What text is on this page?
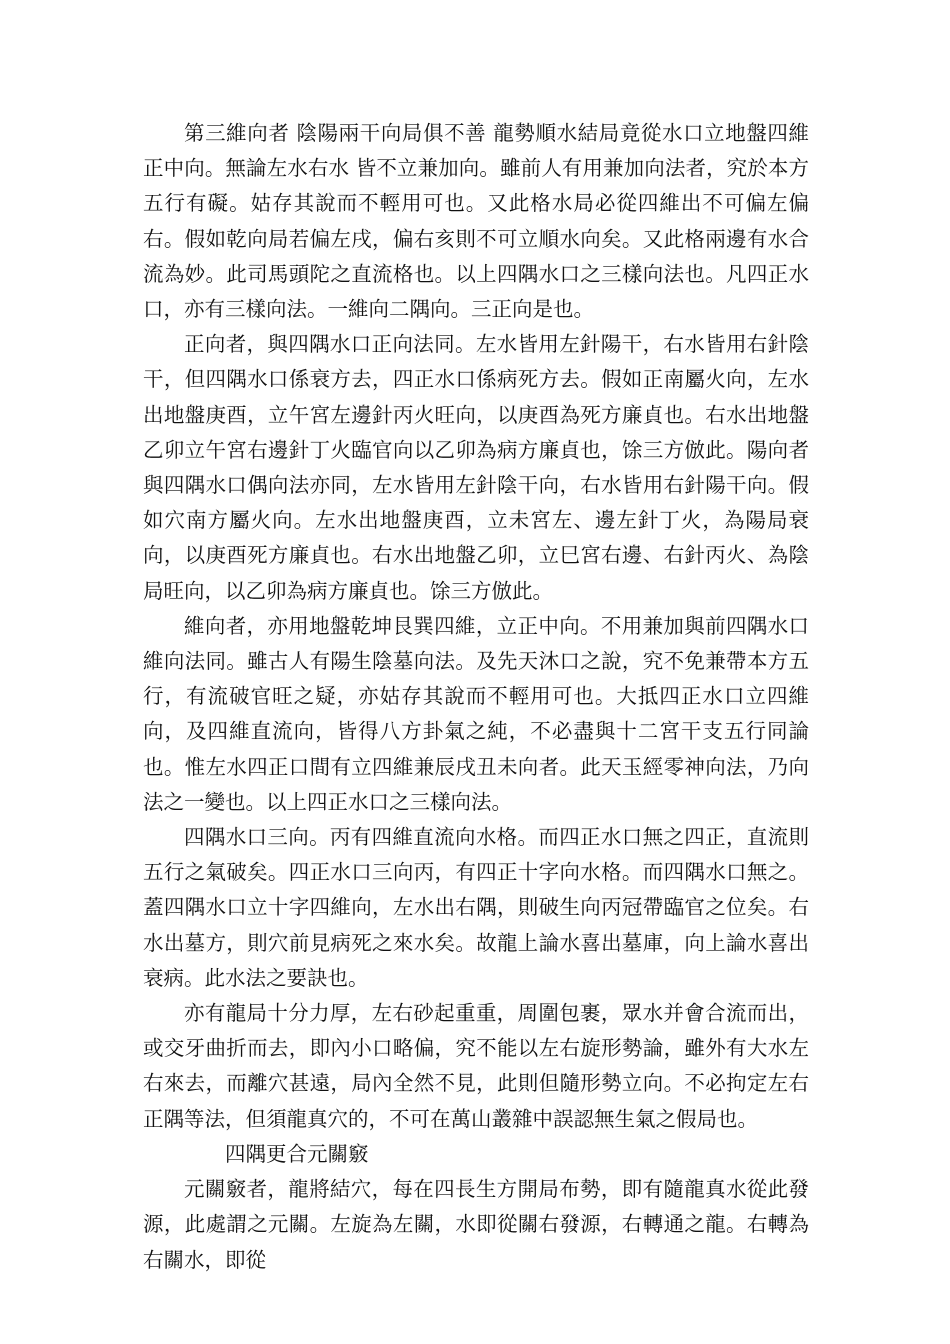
第三維向者 陰陽兩干向局俱不善 龍勢順水結局竟從水口立地盤四維正中向。無論左水右水 皆不立兼加向。雖前人有用兼加向法者，究於本方五行有礙。姑存其說而不輕用可也。又此格水局必從四維出不可偏左偏右。假如乾向局若偏左戌，偏右亥則不可立順水向矣。又此格兩邊有水合流為妙。此司馬頭陀之直流格也。以上四隅水口之三樣向法也。凡四正水口，亦有三樣向法。一維向二隅向。三正向是也。

正向者，與四隅水口正向法同。左水皆用左針陽干，右水皆用右針陰干，但四隅水口係衰方去，四正水口係病死方去。假如正南屬火向，左水出地盤庚酉，立午宮左邊針丙火旺向，以庚酉為死方廉貞也。右水出地盤乙卯立午宮右邊針丁火臨官向以乙卯為病方廉貞也，馀三方倣此。陽向者與四隅水口偶向法亦同，左水皆用左針陰干向，右水皆用右針陽干向。假如穴南方屬火向。左水出地盤庚酉，立未宮左、邊左針丁火，為陽局衰向，以庚酉死方廉貞也。右水出地盤乙卯，立巳宮右邊、右針丙火、為陰局旺向，以乙卯為病方廉貞也。馀三方倣此。

維向者，亦用地盤乾坤艮巽四維，立正中向。不用兼加與前四隅水口維向法同。雖古人有陽生陰墓向法。及先天沐口之說，究不免兼帶本方五行，有流破官旺之疑，亦姑存其說而不輕用可也。大抵四正水口立四維向，及四維直流向，皆得八方卦氣之純，不必盡與十二宮干支五行同論也。惟左水四正口間有立四維兼辰戌丑未向者。此天玉經零神向法，乃向法之一變也。以上四正水口之三樣向法。

四隅水口三向。丙有四維直流向水格。而四正水口無之四正，直流則五行之氣破矣。四正水口三向丙，有四正十字向水格。而四隅水口無之。蓋四隅水口立十字四維向，左水出右隅，則破生向丙冠帶臨官之位矣。右水出墓方，則穴前見病死之來水矣。故龍上論水喜出墓庫，向上論水喜出衰病。此水法之要訣也。

亦有龍局十分力厚，左右砂起重重，周圍包裹，眾水并會合流而出，或交牙曲折而去，即內小口略偏，究不能以左右旋形勢論，雖外有大水左右來去，而離穴甚遠，局內全然不見，此則但隨形勢立向。不必拘定左右正隅等法，但須龍真穴的，不可在萬山叢雜中誤認無生氣之假局也。

四隅更合元關竅

元關竅者，龍將結穴，每在四長生方開局布勢，即有隨龍真水從此發源，此處謂之元關。左旋為左關，水即從關右發源，右轉通之龍。右轉為右關水，即從
